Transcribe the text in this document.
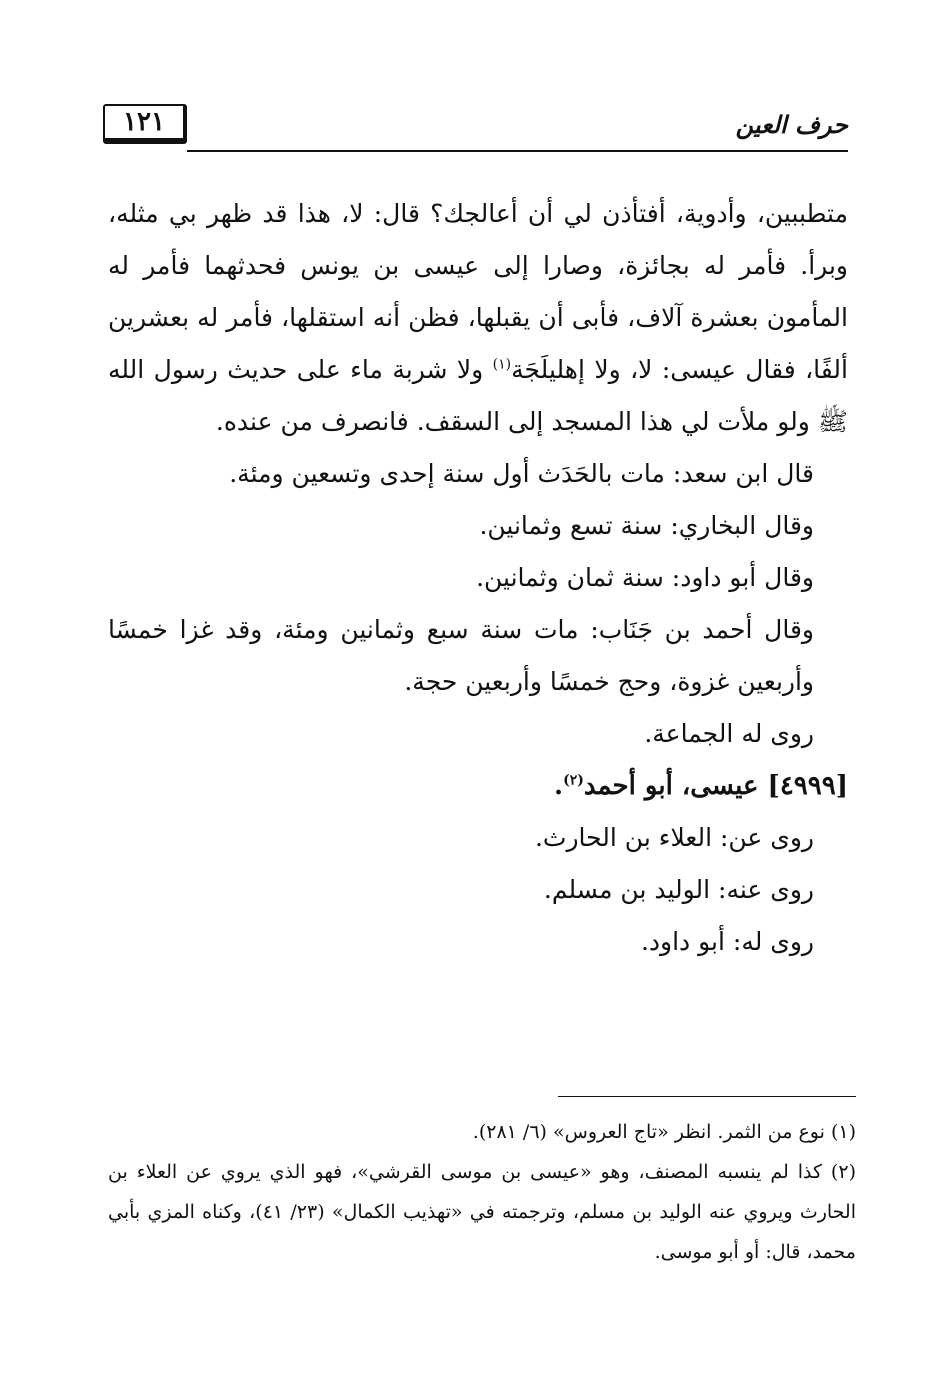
١٢١	حرف العين

متطببين، وأدوية، أفتأذن لي أن أعالجك؟ قال: لا، هذا قد ظهر بي مثله، وبرأ. فأمر له بجائزة، وصارا إلى عيسى بن يونس فحدثهما فأمر له المأمون بعشرة آلاف، فأبى أن يقبلها، فظن أنه استقلها، فأمر له بعشرين ألفًا، فقال عيسى: لا، ولا إهليلَجَة$^{(١)}$ ولا شربة ماء على حديث رسول الله ﷺ ولو ملأت لي هذا المسجد إلى السقف. فانصرف من عنده.

قال ابن سعد: مات بالحَدَث أول سنة إحدى وتسعين ومئة.

وقال البخاري: سنة تسع وثمانين.

وقال أبو داود: سنة ثمان وثمانين.

وقال أحمد بن جَنَاب: مات سنة سبع وثمانين ومئة، وقد غزا خمسًا وأربعين غزوة، وحج خمسًا وأربعين حجة.

روى له الجماعة.

[٤٩٩٩] عيسى، أبو أحمد$^{(٢)}$.

روى عن: العلاء بن الحارث.

روى عنه: الوليد بن مسلم.

روى له: أبو داود.

(١) نوع من الثمر. انظر «تاج العروس» (٦/ ٢٨١).

(٢) كذا لم ينسبه المصنف، وهو «عيسى بن موسى القرشي»، فهو الذي يروي عن العلاء بن الحارث ويروي عنه الوليد بن مسلم، وترجمته في «تهذيب الكمال» (٢٣/ ٤١)، وكناه المزي بأبي محمد، قال: أو أبو موسى.
